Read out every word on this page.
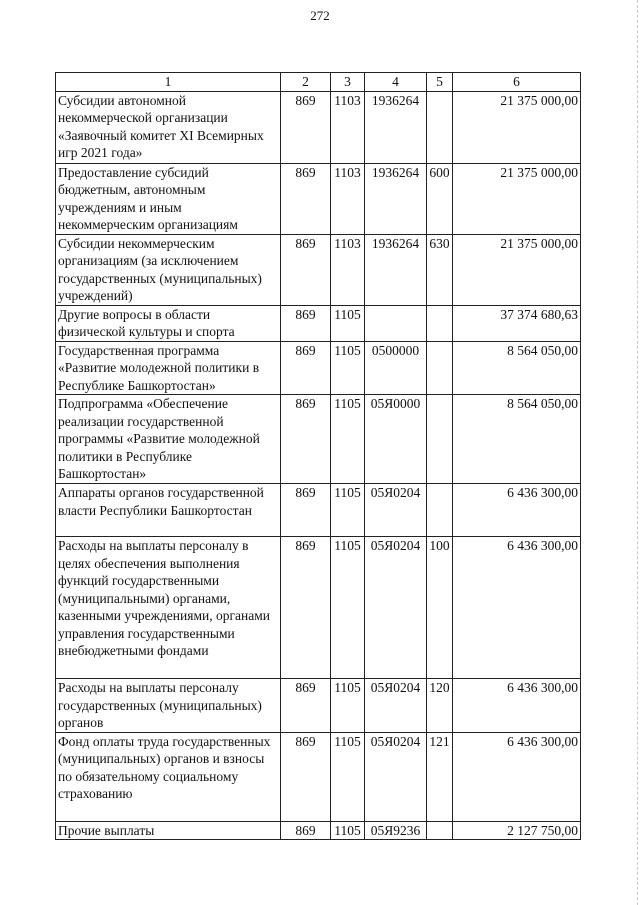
272
1	2	3	4	5	6
Субсидии автономной некоммерческой организации «Заявочный комитет XI Всемирных игр 2021 года»	869	1103	1936264		21 375 000,00
Предоставление субсидий бюджетным, автономным учреждениям и иным некоммерческим организациям	869	1103	1936264	600	21 375 000,00
Субсидии некоммерческим организациям (за исключением государственных (муниципальных) учреждений)	869	1103	1936264	630	21 375 000,00
Другие вопросы в области физической культуры и спорта	869	1105			37 374 680,63
Государственная программа «Развитие молодежной политики в Республике Башкортостан»	869	1105	0500000		8 564 050,00
Подпрограмма «Обеспечение реализации государственной программы «Развитие молодежной политики в Республике Башкортостан»	869	1105	05Я0000		8 564 050,00
Аппараты органов государственной власти Республики Башкортостан	869	1105	05Я0204		6 436 300,00
Расходы на выплаты персоналу в целях обеспечения выполнения функций государственными (муниципальными) органами, казенными учреждениями, органами управления государственными внебюджетными фондами	869	1105	05Я0204	100	6 436 300,00
Расходы на выплаты персоналу государственных (муниципальных) органов	869	1105	05Я0204	120	6 436 300,00
Фонд оплаты труда государственных (муниципальных) органов и взносы по обязательному социальному страхованию	869	1105	05Я0204	121	6 436 300,00
Прочие выплаты	869	1105	05Я9236		2 127 750,00
